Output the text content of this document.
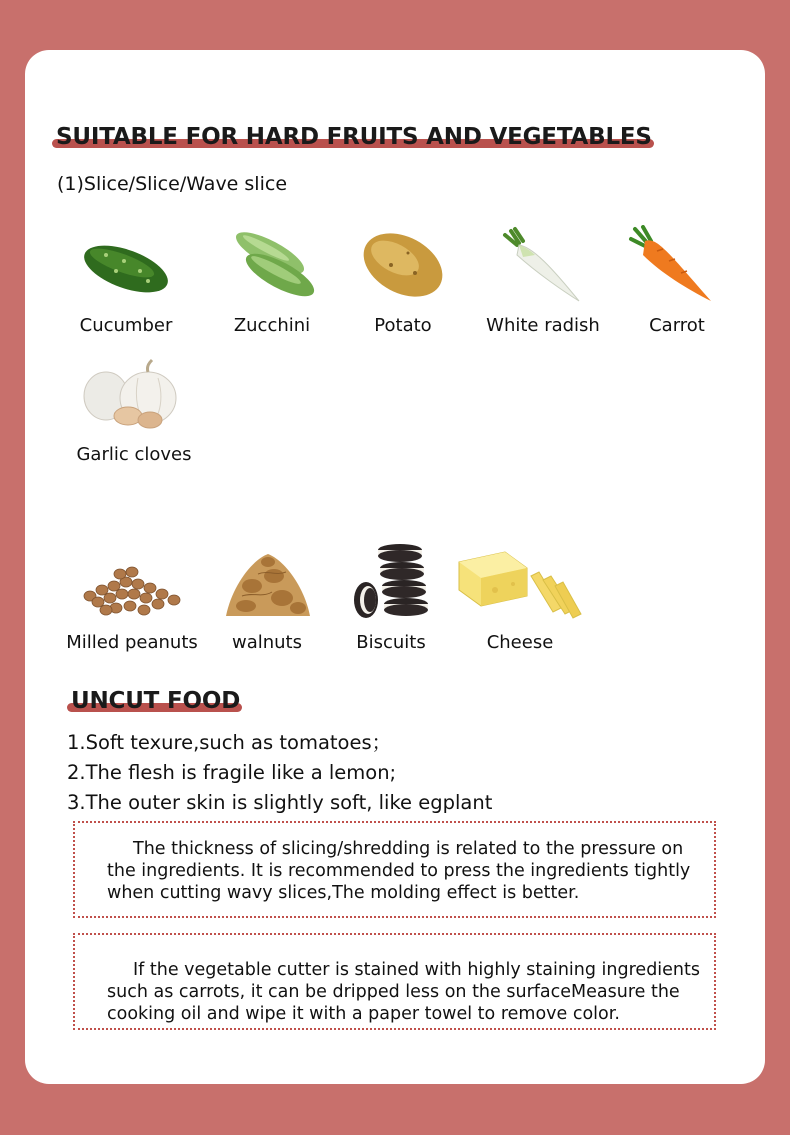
SUITABLE FOR HARD FRUITS AND VEGETABLES
(1)Slice/Slice/Wave slice
Cucumber	Zucchini	Potato	White radish	Carrot
Garlic cloves
Milled peanuts	walnuts	Biscuits	Cheese
UNCUT FOOD
1.Soft texure,such as tomatoes；
2.The flesh is fragile like a lemon;
3.The outer skin is slightly soft, like egplant

The thickness of slicing/shredding is related to the pressure on the ingredients. It is recommended to press the ingredients tightly when cutting wavy slices,The molding effect is better.

If the vegetable cutter is stained with highly staining ingredients such as carrots, it can be dripped less on the surfaceMeasure the cooking oil and wipe it with a paper towel to remove color.
